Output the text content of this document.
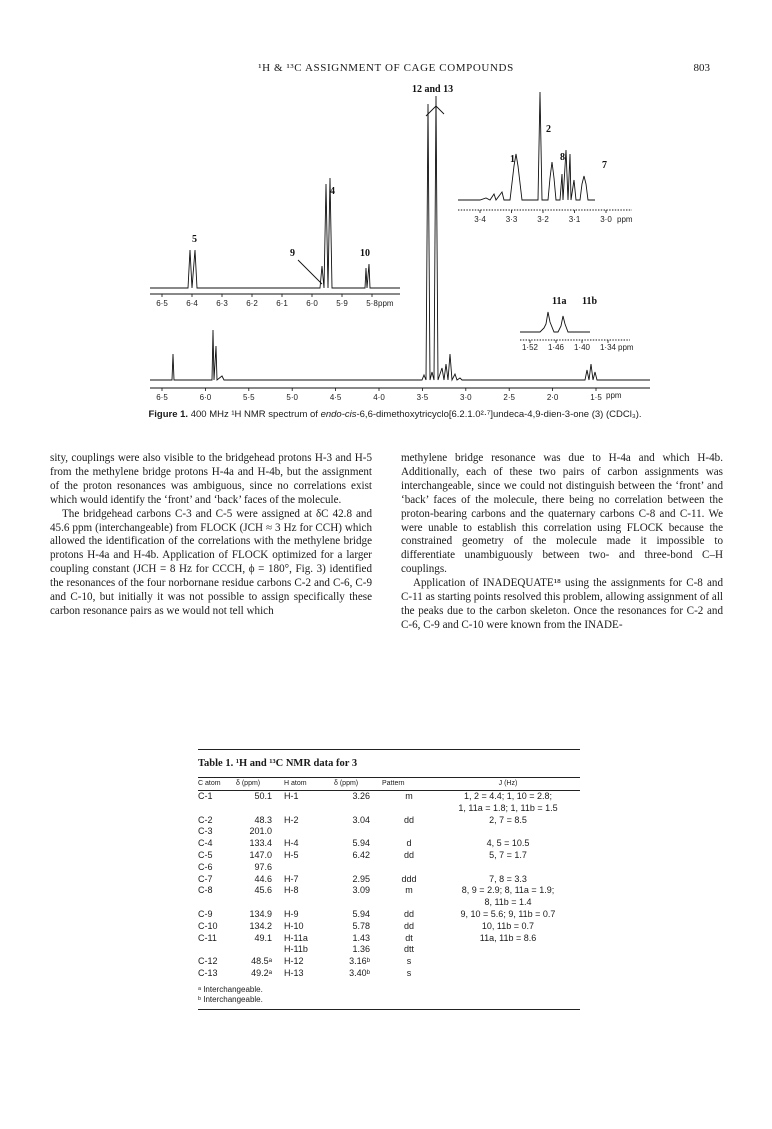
¹H & ¹³C ASSIGNMENT OF CAGE COMPOUNDS	803
6·5	6·0	5·5	5·0	4·5	4·0	3·5	3·0	2·5	2·0	1·5
6·5 6·4 6·3 6·2 6·1 6·0 5·9 5·8
3·4 3·3 3·2 3·1 3·0
1·52 1·46 1·40 1·34
ppm
ppm
ppm
ppm
12 and 13
2
1	8
7
4
5
9	10
11a 11b
Figure 1. 400 MHz ¹H NMR spectrum of endo-cis-6,6-dimethoxytricyclo[6.2.1.0²·⁷]undeca-4,9-dien-3-one (3) (CDCl₃).

sity, couplings were also visible to the bridgehead protons H-3 and H-5 from the methylene bridge protons H-4a and H-4b, but the assignment of the proton resonances was ambiguous, since no correlations exist which would identify the ‘front’ and ‘back’ faces of the molecule.

The bridgehead carbons C-3 and C-5 were assigned at δC 42.8 and 45.6 ppm (interchangeable) from FLOCK (JCH ≈ 3 Hz for CCH) which allowed the identification of the correlations with the methylene bridge protons H-4a and H-4b. Application of FLOCK optimized for a larger coupling constant (JCH = 8 Hz for CCCH, ϕ = 180°, Fig. 3) identified the resonances of the four norbornane residue carbons C-2 and C-6, C-9 and C-10, but initially it was not possible to assign specifically these carbon resonance pairs as we would not tell which

methylene bridge resonance was due to H-4a and which H-4b. Additionally, each of these two pairs of carbon assignments was interchangeable, since we could not distinguish between the ‘front’ and ‘back’ faces of the molecule, there being no correlation between the proton-bearing carbons and the quaternary carbons C-8 and C-11. We were unable to establish this correlation using FLOCK because the constrained geometry of the molecule made it impossible to differentiate unambiguously between two- and three-bond C–H couplings.

Application of INADEQUATE¹⁸ using the assignments for C-8 and C-11 as starting points resolved this problem, allowing assignment of all the peaks due to the carbon skeleton. Once the resonances for C-2 and C-6, C-9 and C-10 were known from the INADE-

Table 1. ¹H and ¹³C NMR data for 3
C atom	δ (ppm)	H atom	δ (ppm)	Pattern	J (Hz)
C-1	50.1	H-1	3.26	m	1, 2 = 4.4; 1, 10 = 2.8;
					1, 11a = 1.8; 1, 11b = 1.5
C-2	48.3	H-2	3.04	dd	2, 7 = 8.5
C-3	201.0				
C-4	133.4	H-4	5.94	d	4, 5 = 10.5
C-5	147.0	H-5	6.42	dd	5, 7 = 1.7
C-6	97.6				
C-7	44.6	H-7	2.95	ddd	7, 8 = 3.3
C-8	45.6	H-8	3.09	m	8, 9 = 2.9; 8, 11a = 1.9;
					8, 11b = 1.4
C-9	134.9	H-9	5.94	dd	9, 10 = 5.6; 9, 11b = 0.7
C-10	134.2	H-10	5.78	dd	10, 11b = 0.7
C-11	49.1	H-11a	1.43	dt	11a, 11b = 8.6
		H-11b	1.36	dtt	
C-12	48.5ᵃ	H-12	3.16ᵇ	s	
C-13	49.2ᵃ	H-13	3.40ᵇ	s	
ᵃ Interchangeable.
ᵇ Interchangeable.
